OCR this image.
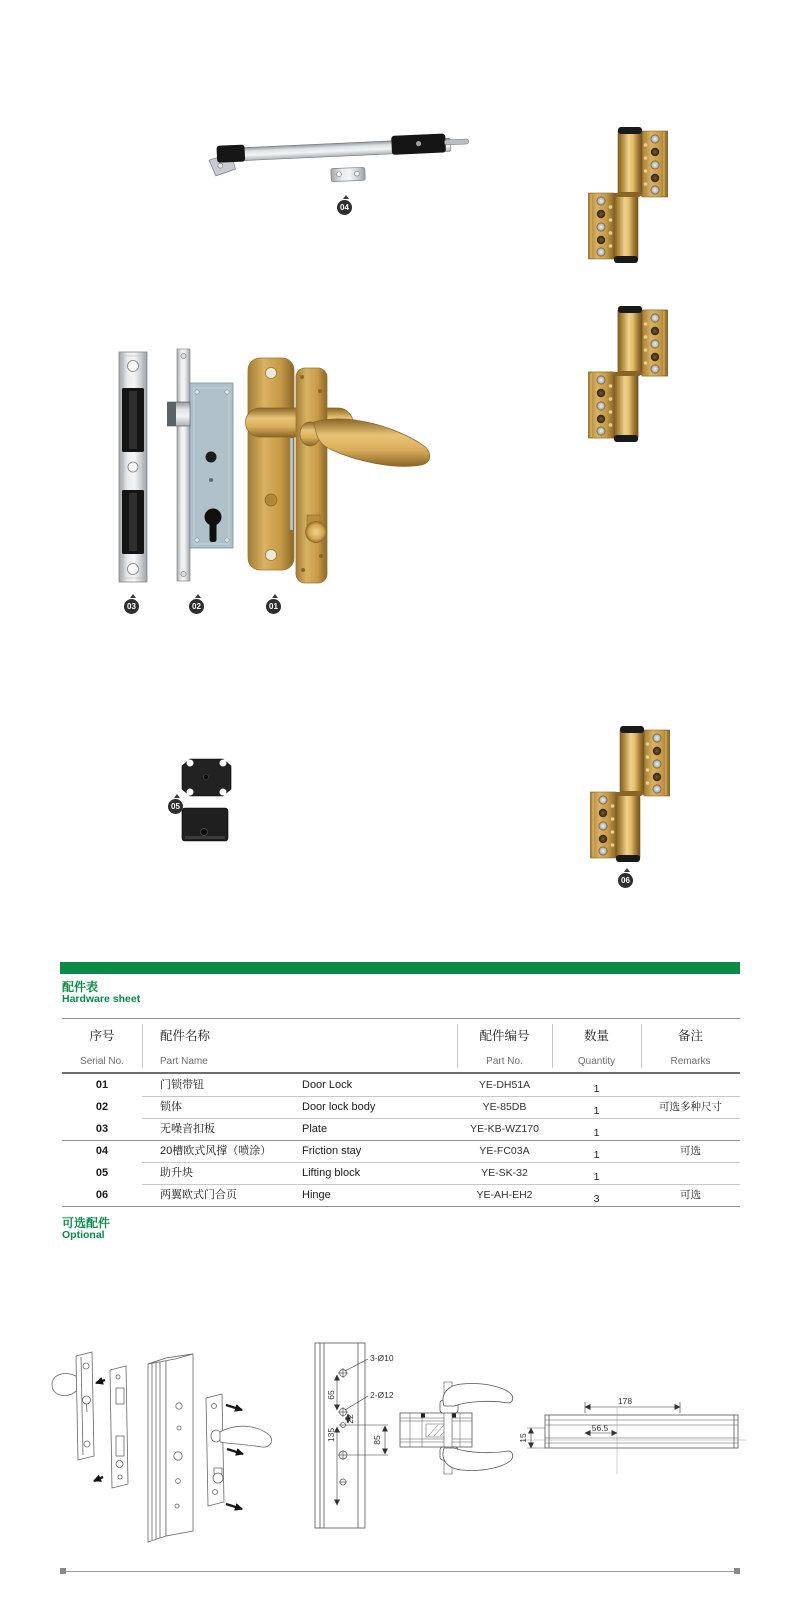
04
06
03	02	01
05
配件表
Hardware sheet
序号
Serial No.
配件名称
Part Name
配件编号
Part No.
数量
Quantity
备注
Remarks
01	门锁带钮	Door Lock	YE-DH51A	1
02	锁体	Door lock body	YE-85DB	1	可选多种尺寸
03	无噪音扣板	Plate	YE-KB-WZ170	1
04	20槽欧式风撑（喷涂）	Friction stay	YE-FC03A	1	可选
05	助升块	Lifting block	YE-SK-32	1
06	两翼欧式门合页	Hinge	YE-AH-EH2	3	可选
可选配件
Optional
3-Ø10
2-Ø12
65
22
135	85
178
56.5
15
